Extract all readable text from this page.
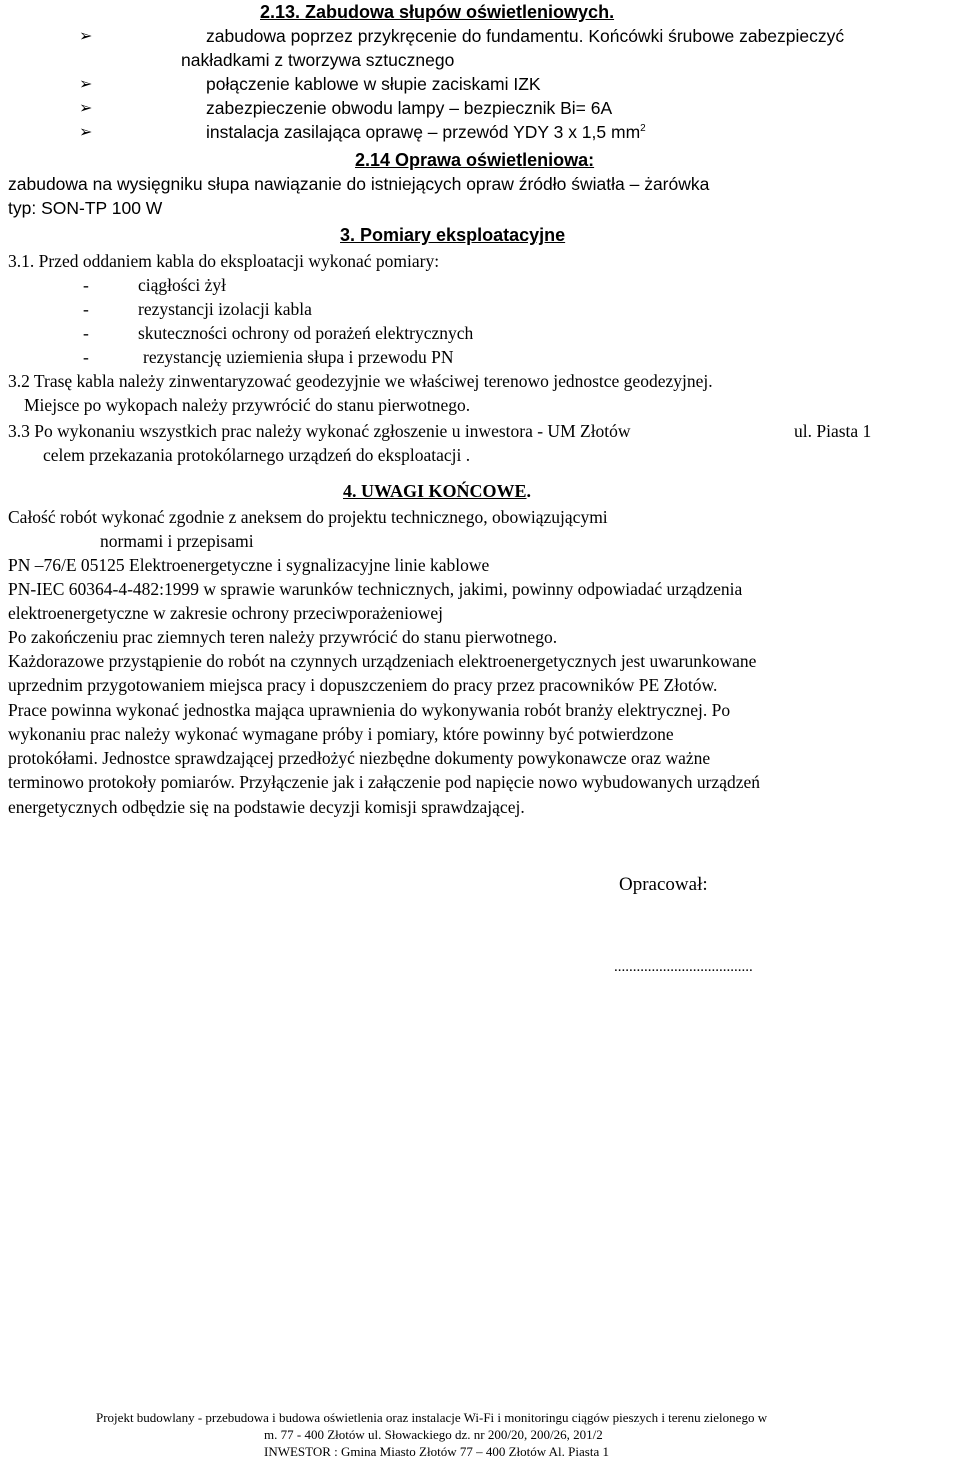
2.13. Zabudowa słupów oświetleniowych.
➢	zabudowa poprzez przykręcenie do fundamentu. Końcówki śrubowe zabezpieczyć
nakładkami z tworzywa sztucznego
➢	połączenie kablowe w słupie zaciskami IZK
➢	zabezpieczenie obwodu lampy – bezpiecznik Bi= 6A
➢	instalacja zasilająca oprawę – przewód YDY 3 x 1,5 $mm^2$
2.14 Oprawa oświetleniowa:
zabudowa na wysięgniku słupa nawiązanie do istniejących opraw źródło światła – żarówka
typ: SON-TP 100 W
3. Pomiary eksploatacyjne
3.1. Przed oddaniem kabla do eksploatacji wykonać pomiary:
-	ciągłości żył
-	rezystancji izolacji kabla
-	skuteczności ochrony od porażeń elektrycznych
-	rezystancję uziemienia słupa i przewodu PN
3.2 Trasę kabla należy zinwentaryzować geodezyjnie we właściwej terenowo jednostce geodezyjnej.
Miejsce po wykopach należy przywrócić do stanu pierwotnego.
3.3 Po wykonaniu wszystkich prac należy wykonać zgłoszenie u inwestora - UM Złotów	ul. Piasta 1
celem przekazania protokólarnego urządzeń do eksploatacji .
4. UWAGI KOŃCOWE.
Całość robót wykonać zgodnie z aneksem do projektu technicznego, obowiązującymi
normami i przepisami
PN –76/E 05125 Elektroenergetyczne i sygnalizacyjne linie kablowe
PN-IEC 60364-4-482:1999 w sprawie warunków technicznych, jakimi, powinny odpowiadać urządzenia
elektroenergetyczne w zakresie ochrony przeciwporażeniowej
Po zakończeniu prac ziemnych teren należy przywrócić do stanu pierwotnego.
Każdorazowe przystąpienie do robót na czynnych urządzeniach elektroenergetycznych jest uwarunkowane
uprzednim przygotowaniem miejsca pracy i dopuszczeniem do pracy przez pracowników PE Złotów.
Prace powinna wykonać jednostka mająca uprawnienia do wykonywania robót branży elektrycznej. Po
wykonaniu prac należy wykonać wymagane próby i pomiary, które powinny być potwierdzone
protokółami. Jednostce sprawdzającej przedłożyć niezbędne dokumenty powykonawcze oraz ważne
terminowo protokoły pomiarów. Przyłączenie jak i załączenie pod napięcie nowo wybudowanych urządzeń
energetycznych odbędzie się na podstawie decyzji komisji sprawdzającej.
Opracował:
.....................................
Projekt budowlany - przebudowa i budowa oświetlenia oraz instalacje Wi-Fi i monitoringu ciągów pieszych i terenu zielonego w
m. 77 - 400 Złotów ul. Słowackiego dz. nr 200/20, 200/26, 201/2
INWESTOR : Gmina Miasto Złotów 77 – 400 Złotów Al. Piasta 1
